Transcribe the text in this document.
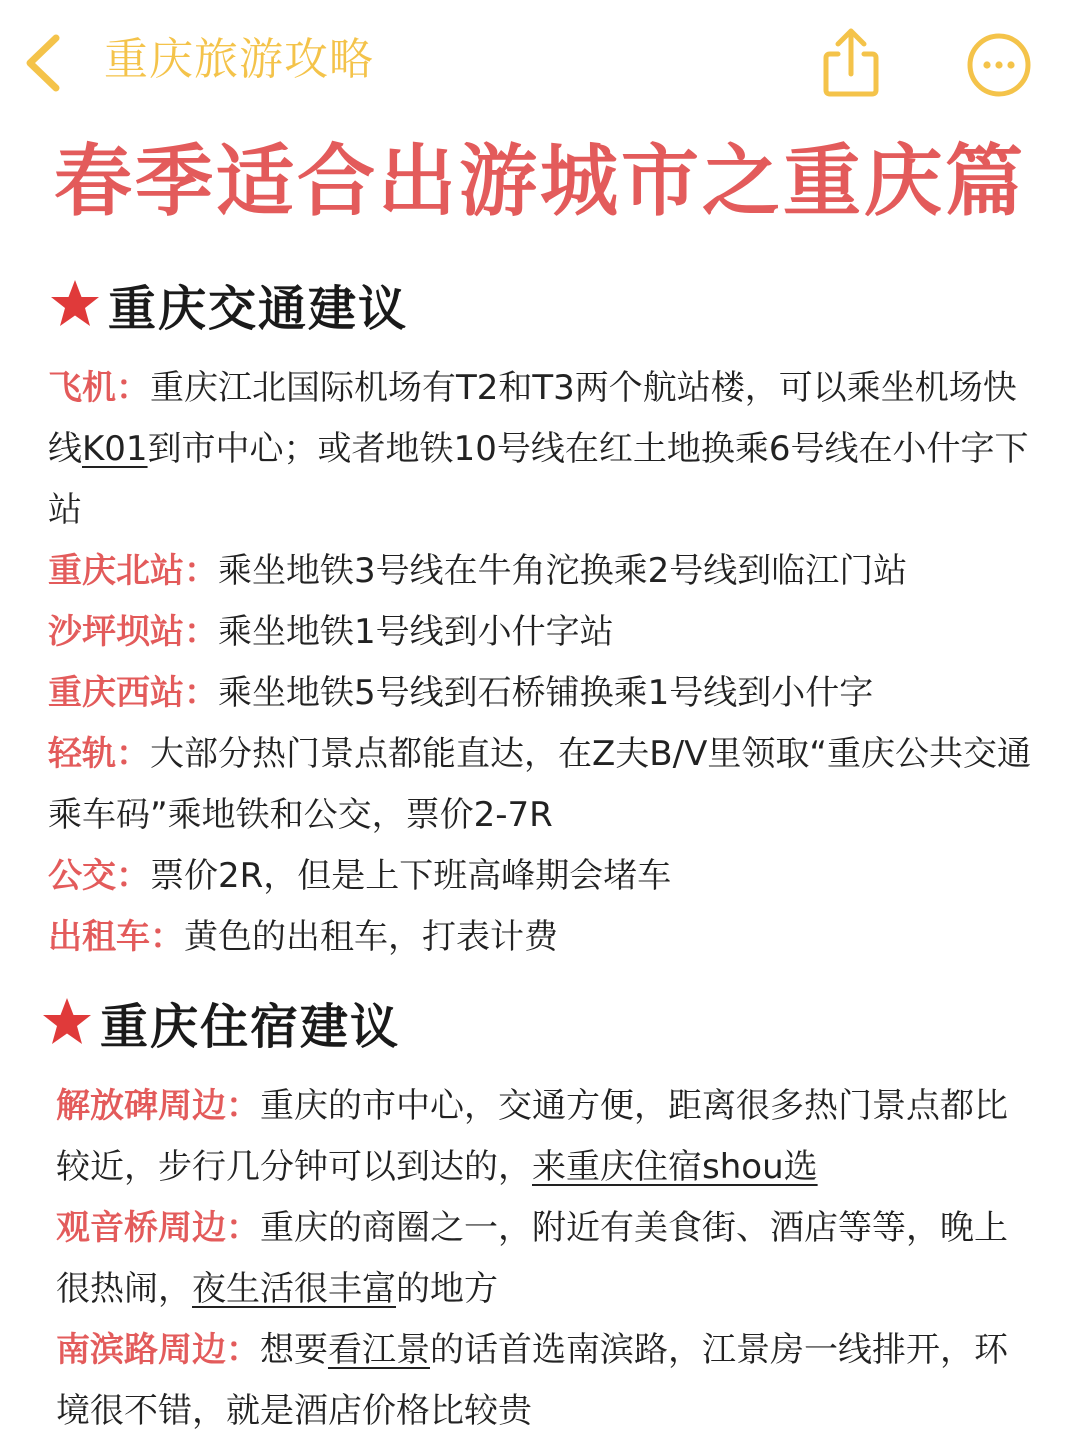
重庆旅游攻略
春季适合出游城市之重庆篇
重庆交通建议

飞机：重庆江北国际机场有T2和T3两个航站楼，可以乘坐机场快线K01到市中心；或者地铁10号线在红土地换乘6号线在小什字下站

重庆北站：乘坐地铁3号线在牛角沱换乘2号线到临江门站

沙坪坝站：乘坐地铁1号线到小什字站

重庆西站：乘坐地铁5号线到石桥铺换乘1号线到小什字

轻轨：大部分热门景点都能直达，在Z夫B/V里领取“重庆公共交通乘车码”乘地铁和公交，票价2-7R

公交：票价2R，但是上下班高峰期会堵车

出租车：黄色的出租车，打表计费

重庆住宿建议

解放碑周边：重庆的市中心，交通方便，距离很多热门景点都比较近，步行几分钟可以到达的，来重庆住宿shou选

观音桥周边：重庆的商圈之一，附近有美食街、酒店等等，晚上很热闹，夜生活很丰富的地方

南滨路周边：想要看江景的话首选南滨路，江景房一线排开，环境很不错，就是酒店价格比较贵
